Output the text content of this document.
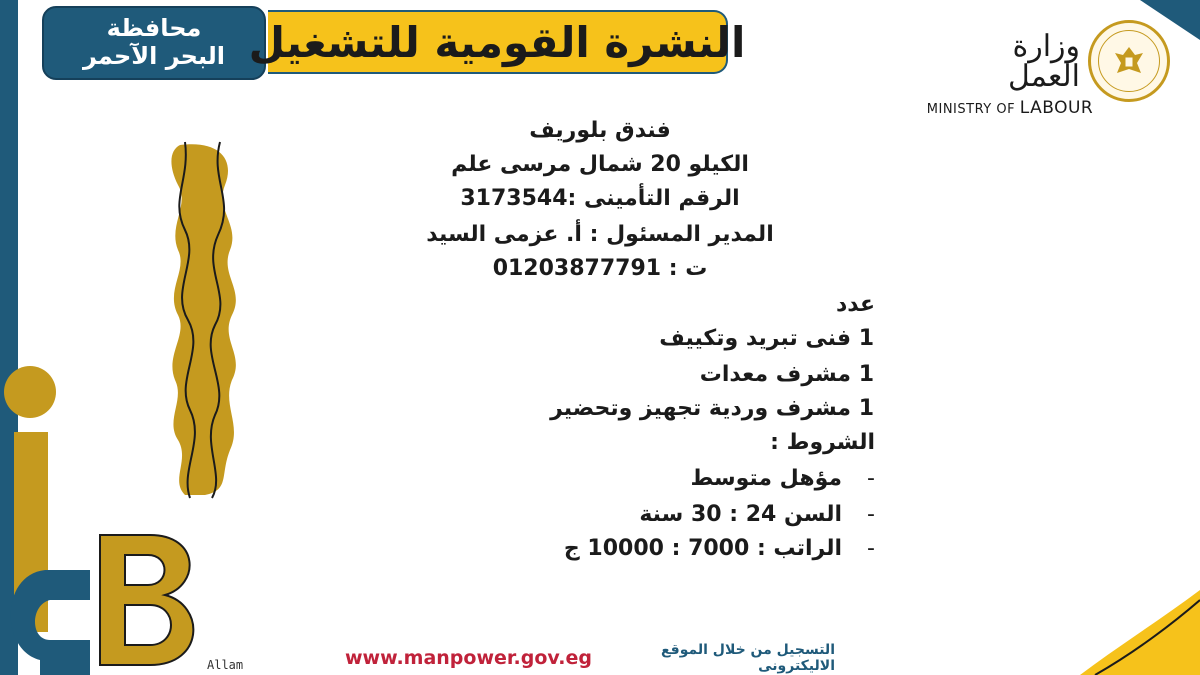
محافظة
البحر الآحمر النشرة القومية للتشغيل	وزارة العمل
MINISTRY OF LABOUR
فندق بلوريف
الكيلو 20 شمال مرسى علم
الرقم التأمينى :3173544
المدير المسئول : أ. عزمى السيد
ت : 01203877791
عدد
1 فنى تبريد وتكييف
1 مشرف معدات
1 مشرف وردية تجهيز وتحضير
الشروط :
-
مؤهل متوسط
-
السن 24 : 30 سنة
-
الراتب : 7000 : 10000 ج
www.manpower.gov.eg	التسجيل من خلال الموقع الاليكترونى
Allam
